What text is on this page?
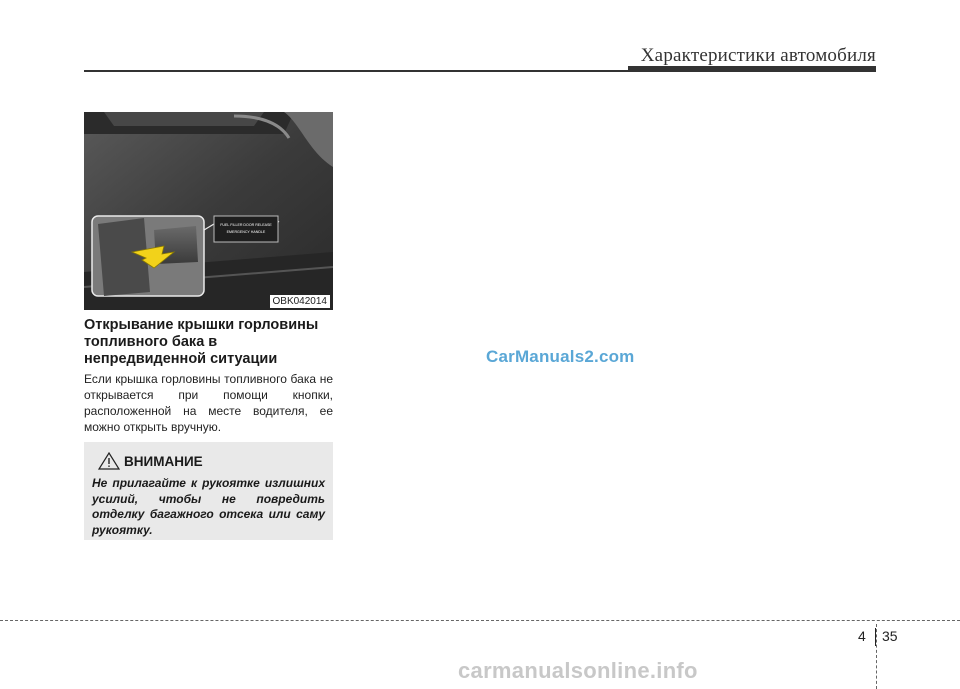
Характеристики автомобиля
FUEL FILLER DOOR RELEASE
EMERGENCY HANDLE
OBK042014
Открывание крышки горловины топливного бака в непредвиденной ситуации
Если крышка горловины топливного бака не открывается при помощи кнопки, расположенной на месте водителя, ее можно открыть вручную.
ВНИМАНИЕ
Не прилагайте к рукоятке излишних усилий, чтобы не повредить отделку багажного отсека или саму рукоятку.
CarManuals2.com
4 35
carmanualsonline.info
